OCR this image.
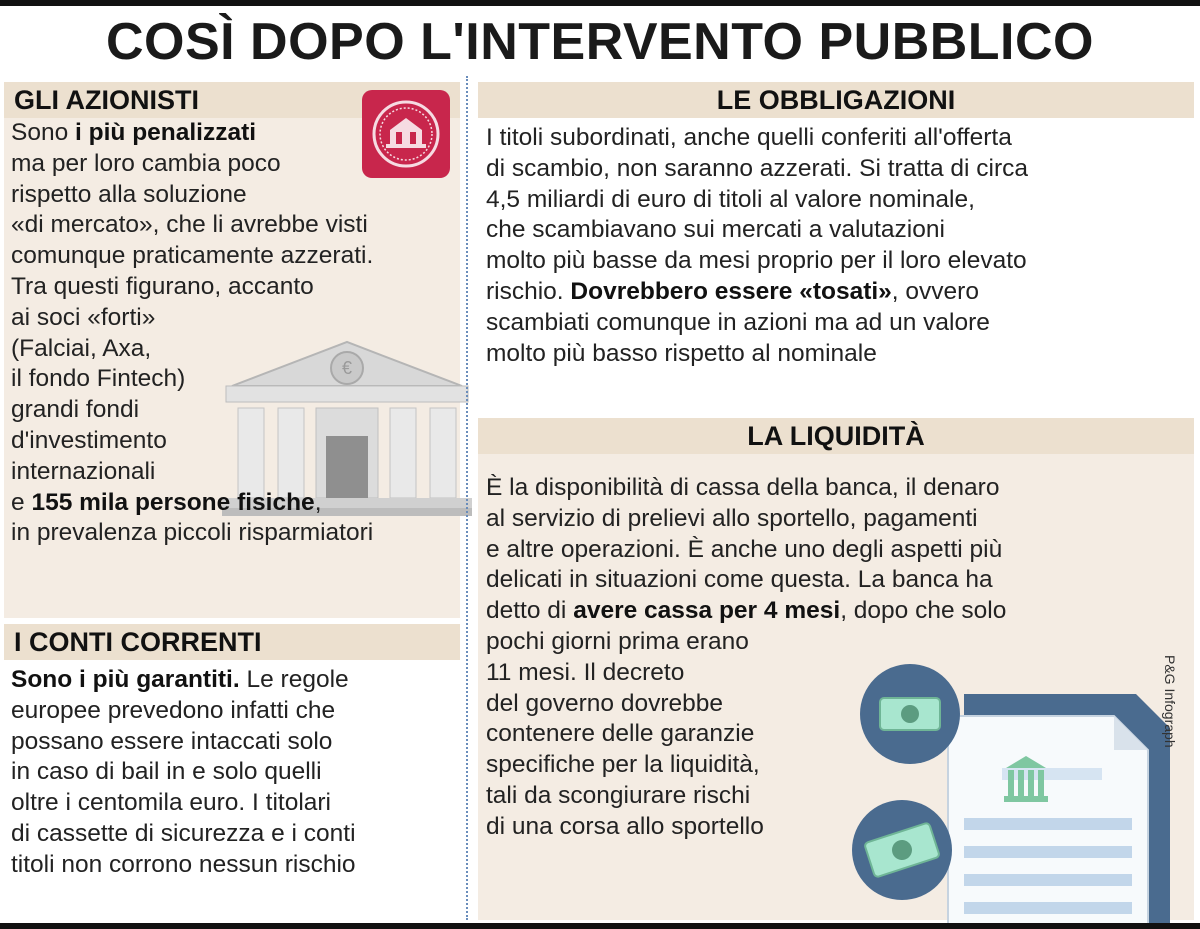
COSÌ DOPO L'INTERVENTO PUBBLICO
GLI AZIONISTI
€
Sono i più penalizzati
ma per loro cambia poco
rispetto alla soluzione
«di mercato», che li avrebbe visti
comunque praticamente azzerati.
Tra questi figurano, accanto
ai soci «forti»
(Falciai, Axa,
il fondo Fintech)
grandi fondi
d'investimento
internazionali
e 155 mila persone fisiche,
in prevalenza piccoli risparmiatori
I CONTI CORRENTI
Sono i più garantiti. Le regole
europee prevedono infatti che
possano essere intaccati solo
in caso di bail in e solo quelli
oltre i centomila euro. I titolari
di cassette di sicurezza e i conti
titoli non corrono nessun rischio
LE OBBLIGAZIONI
I titoli subordinati, anche quelli conferiti all'offerta
di scambio, non saranno azzerati. Si tratta di circa
4,5 miliardi di euro di titoli al valore nominale,
che scambiavano sui mercati a valutazioni
molto più basse da mesi proprio per il loro elevato
rischio. Dovrebbero essere «tosati», ovvero
scambiati comunque in azioni ma ad un valore
molto più basso rispetto al nominale
LA LIQUIDITÀ
È la disponibilità di cassa della banca, il denaro
al servizio di prelievi allo sportello, pagamenti
e altre operazioni. È anche uno degli aspetti più
delicati in situazioni come questa. La banca ha
detto di avere cassa per 4 mesi, dopo che solo
pochi giorni prima erano
11 mesi. Il decreto
del governo dovrebbe
contenere delle garanzie
specifiche per la liquidità,
tali da scongiurare rischi
di una corsa allo sportello
P&G Infograph
